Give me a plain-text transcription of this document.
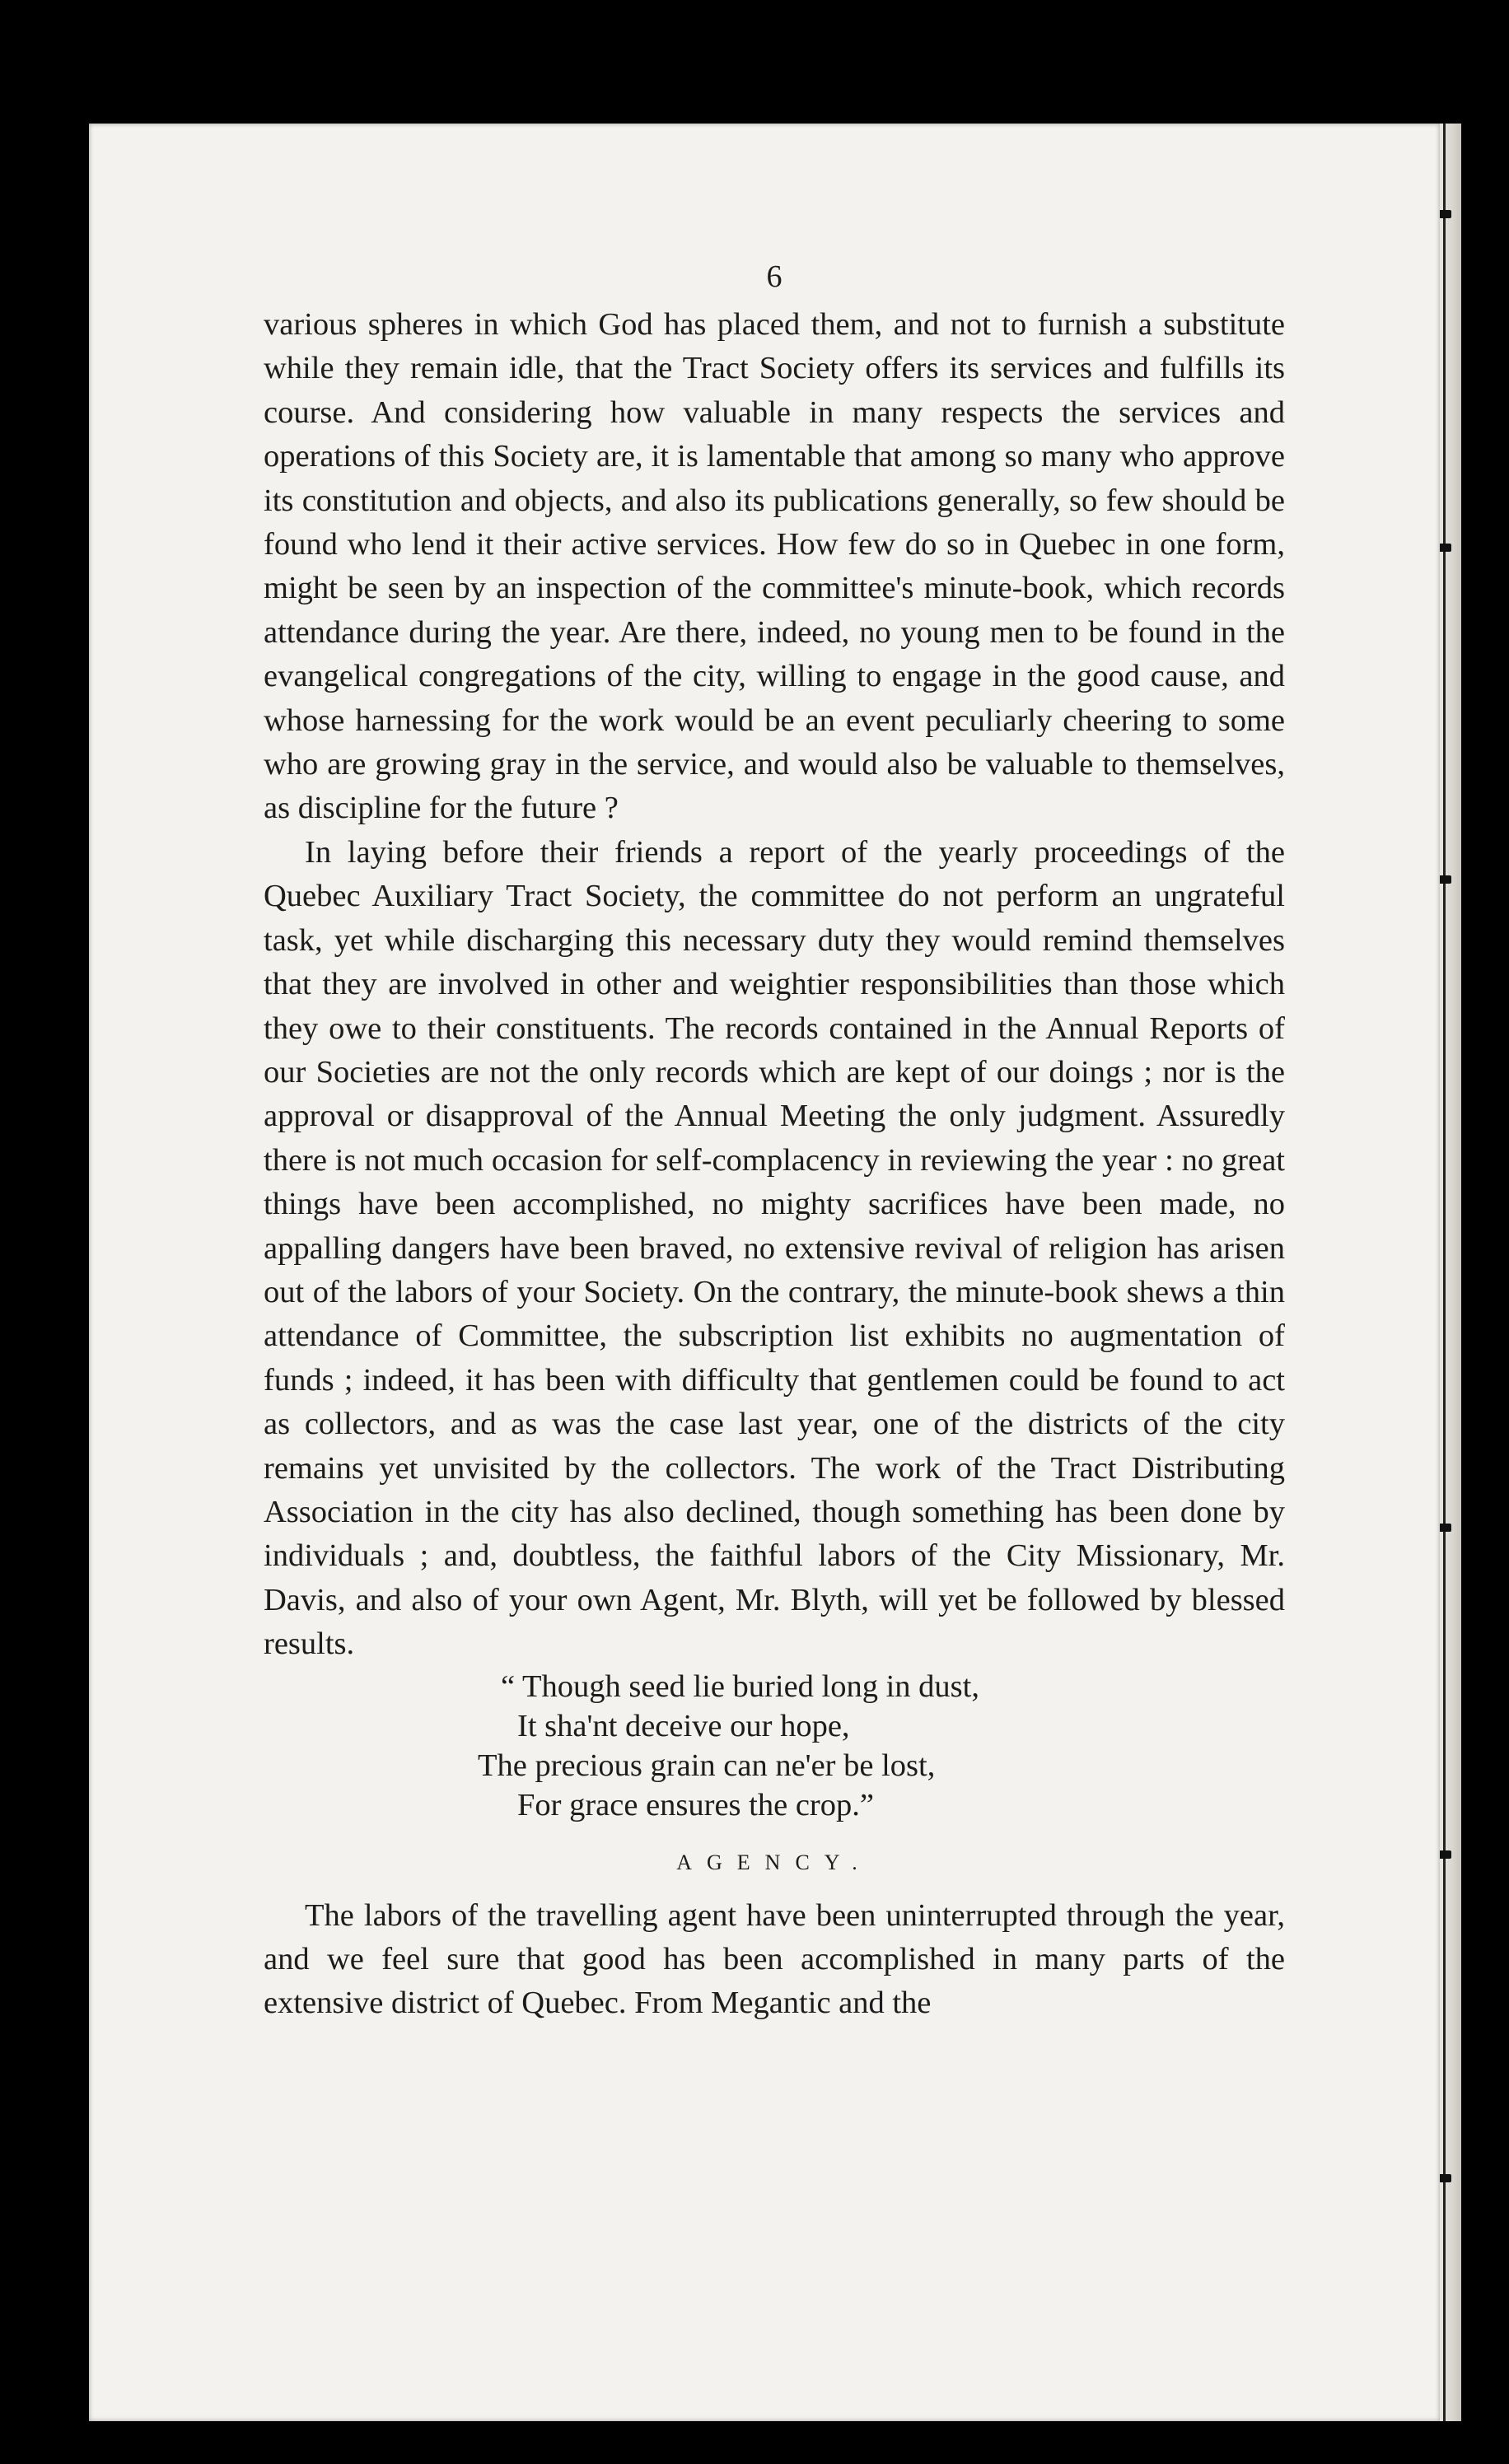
6

various spheres in which God has placed them, and not to furnish a substitute while they remain idle, that the Tract Society offers its services and fulfills its course. And considering how valuable in many respects the services and operations of this Society are, it is lamentable that among so many who approve its constitution and objects, and also its publications generally, so few should be found who lend it their active services. How few do so in Quebec in one form, might be seen by an inspection of the committee's minute-book, which records attendance during the year. Are there, indeed, no young men to be found in the evangelical congregations of the city, willing to engage in the good cause, and whose harnessing for the work would be an event peculiarly cheering to some who are growing gray in the service, and would also be valuable to themselves, as discipline for the future ?

In laying before their friends a report of the yearly proceedings of the Quebec Auxiliary Tract Society, the committee do not perform an ungrateful task, yet while discharging this necessary duty they would remind themselves that they are involved in other and weightier responsibilities than those which they owe to their constituents. The records contained in the Annual Reports of our Societies are not the only records which are kept of our doings ; nor is the approval or disapproval of the Annual Meeting the only judgment. Assuredly there is not much occasion for self-complacency in reviewing the year : no great things have been accomplished, no mighty sacrifices have been made, no appalling dangers have been braved, no extensive revival of religion has arisen out of the labors of your Society. On the contrary, the minute-book shews a thin attendance of Committee, the subscription list exhibits no augmentation of funds ; indeed, it has been with difficulty that gentlemen could be found to act as collectors, and as was the case last year, one of the districts of the city remains yet unvisited by the collectors. The work of the Tract Distributing Association in the city has also declined, though something has been done by individuals ; and, doubtless, the faithful labors of the City Missionary, Mr. Davis, and also of your own Agent, Mr. Blyth, will yet be followed by blessed results.

“ Though seed lie buried long in dust,
It sha'nt deceive our hope,
The precious grain can ne'er be lost,
For grace ensures the crop.”
AGENCY.

The labors of the travelling agent have been uninterrupted through the year, and we feel sure that good has been accomplished in many parts of the extensive district of Quebec. From Megantic and the
